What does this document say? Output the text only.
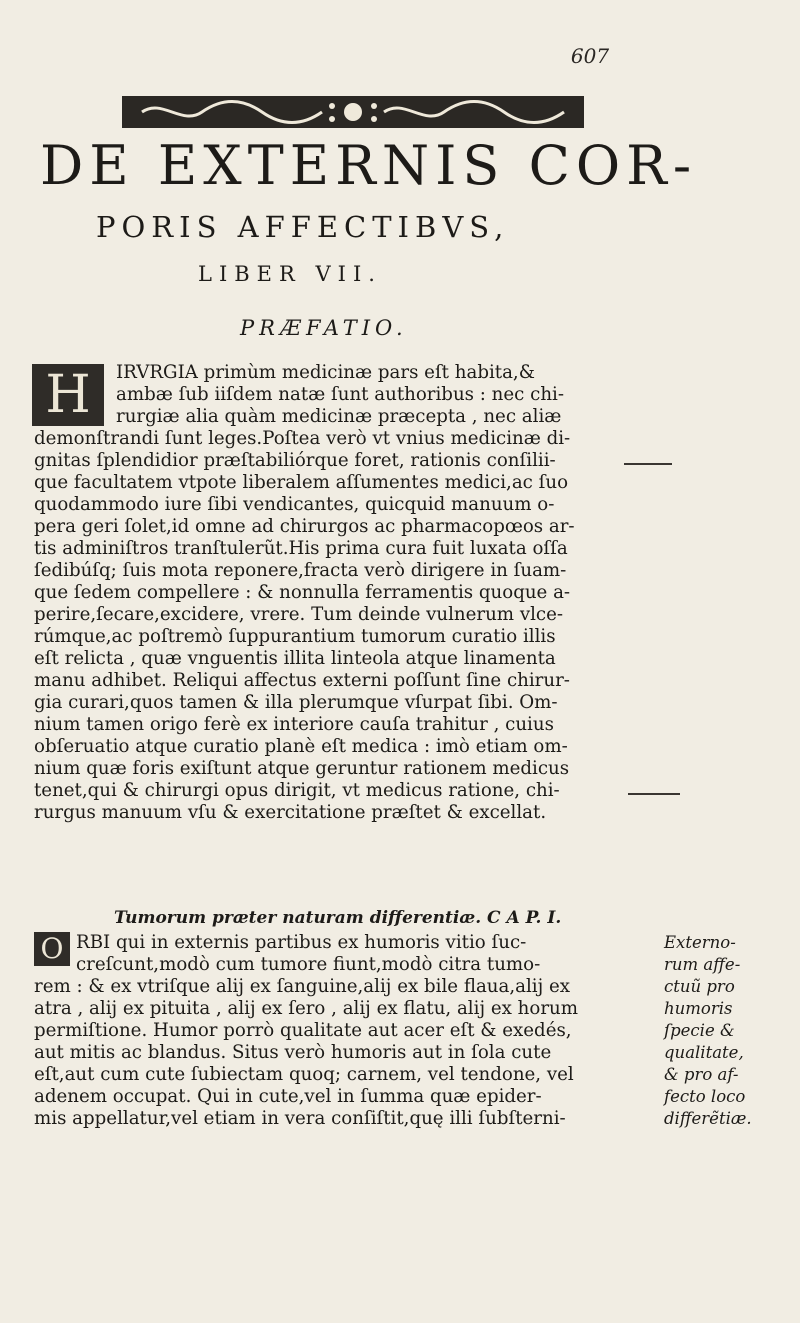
607
DE EXTERNIS COR-
PORIS AFFECTIBVS,
LIBER VII.
PRÆFATIO.
H	IRVRGIA primùm medicinæ pars eſt habita,&
ambæ ſub iiſdem natæ ſunt authoribus : nec chi-
rurgiæ alia quàm medicinæ præcepta , nec aliæ
demonſtrandi ſunt leges.Poſtea verò vt vnius medicinæ di-
gnitas ſplendidior præſtabiliórque foret, rationis conſilii-
que facultatem vtpote liberalem aſſumentes medici,ac ſuo
quodammodo iure ſibi vendicantes, quicquid manuum o-
pera geri ſolet,id omne ad chirurgos ac pharmacopœos ar-
tis adminiſtros tranſtulerũt.His prima cura fuit luxata oſſa
ſedibúſq; ſuis mota reponere,fracta verò dirigere in ſuam-
que ſedem compellere : & nonnulla ferramentis quoque a-
perire,ſecare,excidere, vrere. Tum deinde vulnerum vlce-
rúmque,ac poſtremò ſuppurantium tumorum curatio illis
eſt relicta , quæ vnguentis illita linteola atque linamenta
manu adhibet. Reliqui affectus externi poſſunt ſine chirur-
gia curari,quos tamen & illa plerumque vſurpat ſibi. Om-
nium tamen origo ferè ex interiore cauſa trahitur , cuius
obſeruatio atque curatio planè eſt medica : imò etiam om-
nium quæ foris exiſtunt atque geruntur rationem medicus
tenet,qui & chirurgi opus dirigit, vt medicus ratione, chi-
rurgus manuum vſu & exercitatione præſtet & excellat.
Tumorum præter naturam differentiæ. C A P. I.
O RBI qui in externis partibus ex humoris vitio ſuc-
creſcunt,modò cum tumore fiunt,modò citra tumo-
rem : & ex vtriſque alij ex ſanguine,alij ex bile flaua,alij ex
atra , alij ex pituita , alij ex ſero , alij ex flatu, alij ex horum
permiſtione. Humor porrò qualitate aut acer eſt & exedés,
aut mitis ac blandus. Situs verò humoris aut in ſola cute
eſt,aut cum cute ſubiectam quoq; carnem, vel tendone, vel
adenem occupat. Qui in cute,vel in ſumma quæ epider-
mis appellatur,vel etiam in vera conſiſtit,quę illi ſubſterni-
Externo-
rum affe-
ctuũ pro
humoris
ſpecie &
qualitate,
& pro af-
fecto loco
differẽtiæ.
